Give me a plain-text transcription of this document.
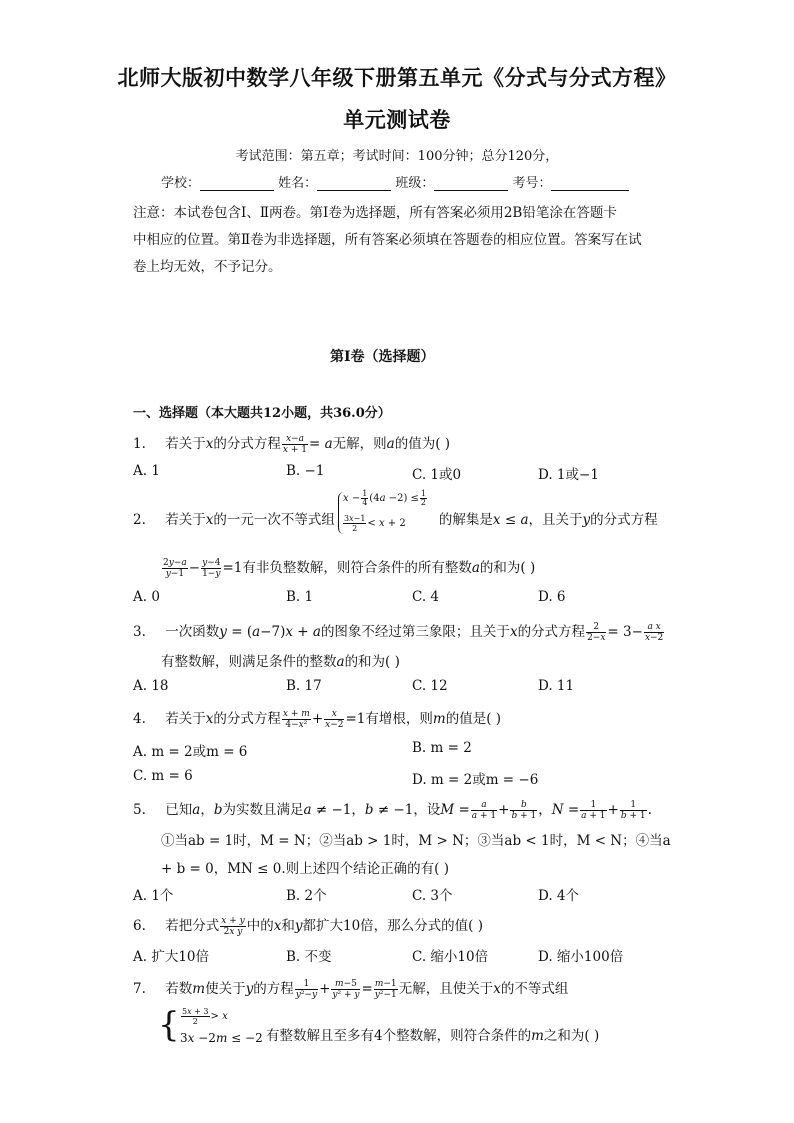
北师大版初中数学八年级下册第五单元《分式与分式方程》
单元测试卷
考试范围：第五章；考试时间：100分钟；总分120分，
学校：	姓名：	班级：	考号：
注意：本试卷包含Ⅰ、Ⅱ两卷。第Ⅰ卷为选择题，所有答案必须用2B铅笔涂在答题卡
中相应的位置。第Ⅱ卷为非选择题，所有答案必须填在答题卷的相应位置。答案写在试
卷上均无效，不予记分。
第Ⅰ卷（选择题）
一、选择题（本大题共12小题，共36.0分）
1. 若关于x的分式方程 $\frac{x-a}{x + 1} = a$无解，则a的值为( )
A. 1	B. −1	C. 1或0	D. 1或−1
2. 若关于x的一元一次不等式组	的解集是x ≤ a，且关于y的分式方程
$x - \frac{1}{4} (4a -2) \le \frac{1}{2}$
$\frac{3x-1}{2} < x + 2$
$\frac{2y-a}{y-1} - \frac{y-4}{1-y} =1$有非负整数解，则符合条件的所有整数a的和为( )
A. 0	B. 1	C. 4	D. 6
3. 一次函数y = (a−7)x + a的图象不经过第三象限；且关于x的分式方程 $\frac{2}{2-x} = 3- \frac{\text{a x}}{x-2}$
有整数解，则满足条件的整数a的和为( )
A. 18	B. 17	C. 12	D. 11
4. 若关于x的分式方程 $\frac{x + m}{\text{4−x²}} + \frac{x}{x-2} =1$有增根，则m的值是( )
A. m = 2或m = 6	B. m = 2
C. m = 6	D. m = 2或m = −6
5. 已知a，b为实数且满足a ≠ −1，b ≠ −1，设$M = \frac{a}{a + 1} + \frac{b}{b + 1}$ ，$N = \frac{1}{a + 1} + \frac{1}{b + 1}$ .
①当ab = 1时，M = N；②当ab > 1时，M > N；③当ab < 1时，M < N；④当a
+ b = 0，MN ≤ 0.则上述四个结论正确的有( )
A. 1个	B. 2个	C. 3个	D. 4个
6. 若把分式 $\frac{x + y}{\text{2x y}}$ 中的x和y都扩大10倍，那么分式的值( )
A. 扩大10倍	B. 不变	C. 缩小10倍	D. 缩小100倍
7. 若数m使关于y的方程 $\frac{1}{\text{y²−y}} + \frac{m-5}{\text{y² + y}} = \frac{m-1}{\text{y²−1}}$ 无解，且使关于x的不等式组
{ $\frac{5x + 3}{2} > x$
3x −2m ≤ −2 有整数解且至多有4个整数解，则符合条件的m之和为( )
